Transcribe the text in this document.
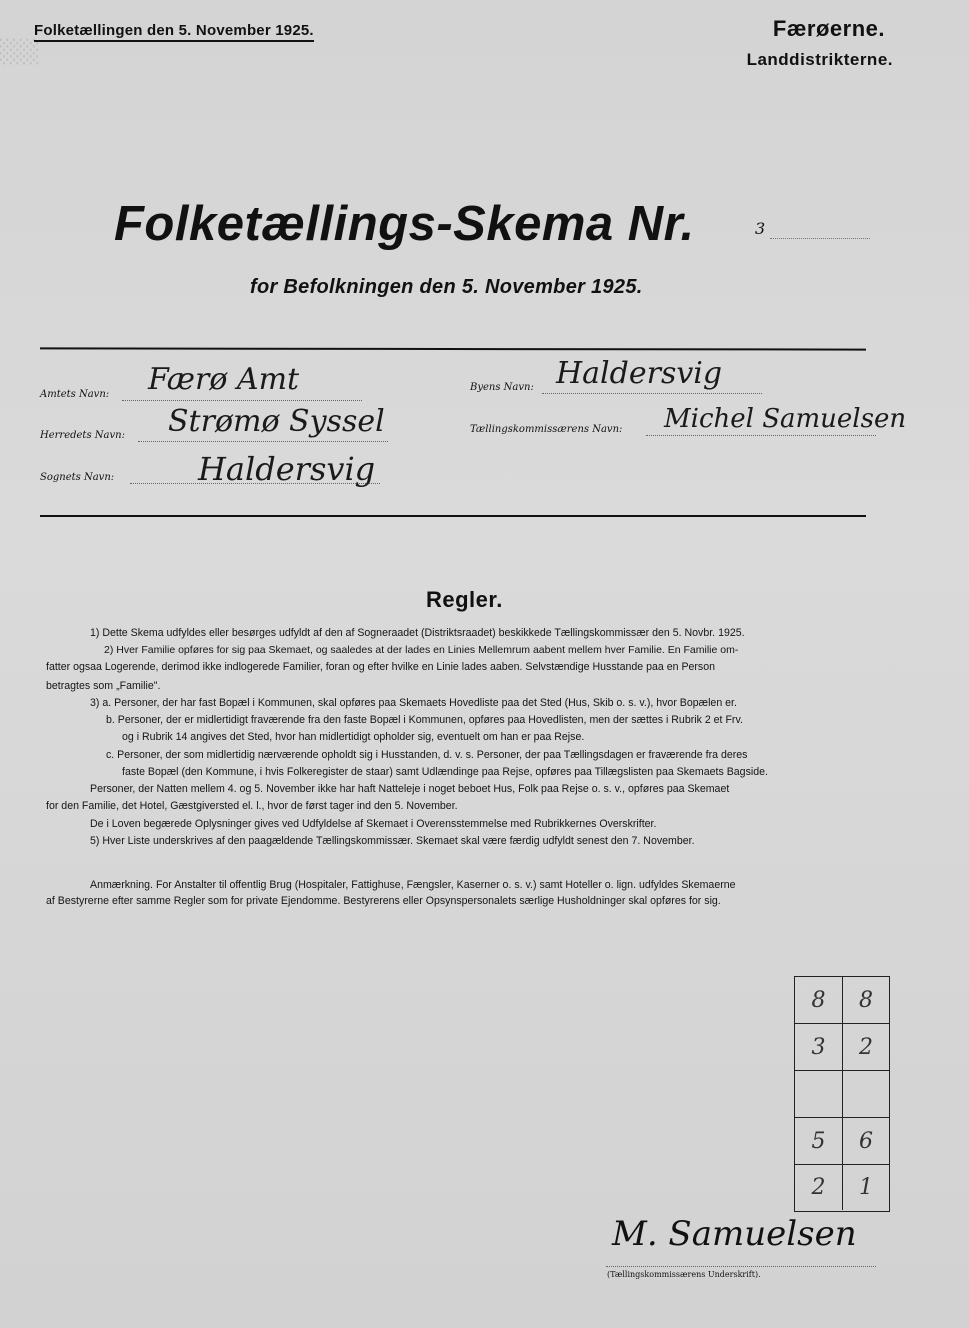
░░░
Folketællingen den 5. November 1925.	Færøerne.
Landdistrikterne.
Folketællings-Skema Nr.	3
for Befolkningen den 5. November 1925.
Amtets Navn: Færø Amt	Byens Navn: Haldersvig
Herredets Navn: Strømø Syssel	Tællingskommissærens Navn: Michel Samuelsen
Sognets Navn:	Haldersvig
Regler.
1) Dette Skema udfyldes eller besørges udfyldt af den af Sogneraadet (Distriktsraadet) beskikkede Tællingskommissær den 5. Novbr. 1925.
2) Hver Familie opføres for sig paa Skemaet, og saaledes at der lades en Linies Mellemrum aabent mellem hver Familie. En Familie om-
fatter ogsaa Logerende, derimod ikke indlogerede Familier, foran og efter hvilke en Linie lades aaben. Selvstændige Husstande paa en Person
betragtes som „Familie".
3) a. Personer, der har fast Bopæl i Kommunen, skal opføres paa Skemaets Hovedliste paa det Sted (Hus, Skib o. s. v.), hvor Bopælen er.
b. Personer, der er midlertidigt fraværende fra den faste Bopæl i Kommunen, opføres paa Hovedlisten, men der sættes i Rubrik 2 et Frv.
og i Rubrik 14 angives det Sted, hvor han midlertidigt opholder sig, eventuelt om han er paa Rejse.
c. Personer, der som midlertidig nærværende opholdt sig i Husstanden, d. v. s. Personer, der paa Tællingsdagen er fraværende fra deres
faste Bopæl (den Kommune, i hvis Folkeregister de staar) samt Udlændinge paa Rejse, opføres paa Tillægslisten paa Skemaets Bagside.
Personer, der Natten mellem 4. og 5. November ikke har haft Natteleje i noget beboet Hus, Folk paa Rejse o. s. v., opføres paa Skemaet
for den Familie, det Hotel, Gæstgiversted el. l., hvor de først tager ind den 5. November.
De i Loven begærede Oplysninger gives ved Udfyldelse af Skemaet i Overensstemmelse med Rubrikkernes Overskrifter.
5) Hver Liste underskrives af den paagældende Tællingskommissær. Skemaet skal være færdig udfyldt senest den 7. November.
Anmærkning. For Anstalter til offentlig Brug (Hospitaler, Fattighuse, Fængsler, Kaserner o. s. v.) samt Hoteller o. lign. udfyldes Skemaerne
af Bestyrerne efter samme Regler som for private Ejendomme. Bestyrerens eller Opsynspersonalets særlige Husholdninger skal opføres for sig.
8	8
3	2
5	6
2	1
M. Samuelsen
(Tællingskommissærens Underskrift).
